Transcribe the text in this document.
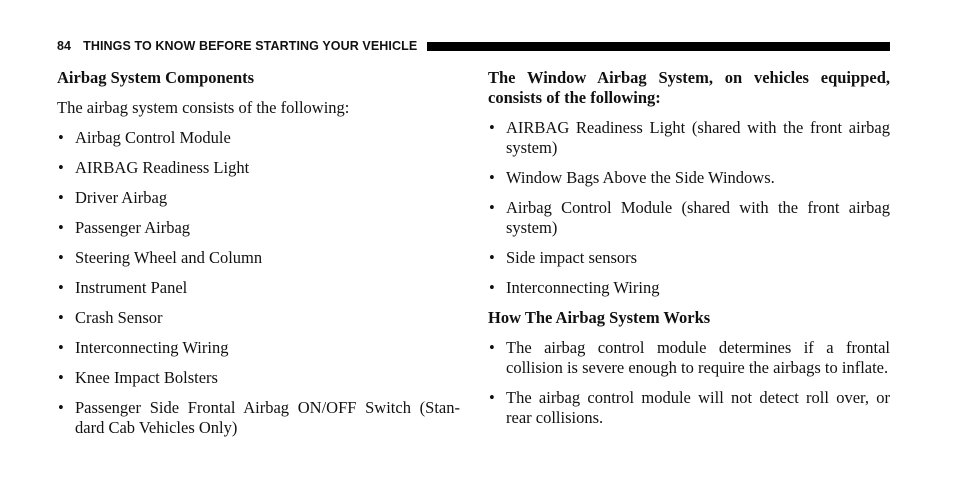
84 THINGS TO KNOW BEFORE STARTING YOUR VEHICLE
Airbag System Components
The airbag system consists of the following:
• Airbag Control Module
• AIRBAG Readiness Light
• Driver Airbag
• Passenger Airbag
• Steering Wheel and Column
• Instrument Panel
• Crash Sensor
• Interconnecting Wiring
• Knee Impact Bolsters
• Passenger Side Frontal Airbag ON/OFF Switch (Stan-dard Cab Vehicles Only)
The Window Airbag System, on vehicles equipped, consists of the following:
• AIRBAG Readiness Light (shared with the front airbag system)
• Window Bags Above the Side Windows.
• Airbag Control Module (shared with the front airbag system)
• Side impact sensors
• Interconnecting Wiring
How The Airbag System Works
• The airbag control module determines if a frontal collision is severe enough to require the airbags to inflate.
• The airbag control module will not detect roll over, or rear collisions.
